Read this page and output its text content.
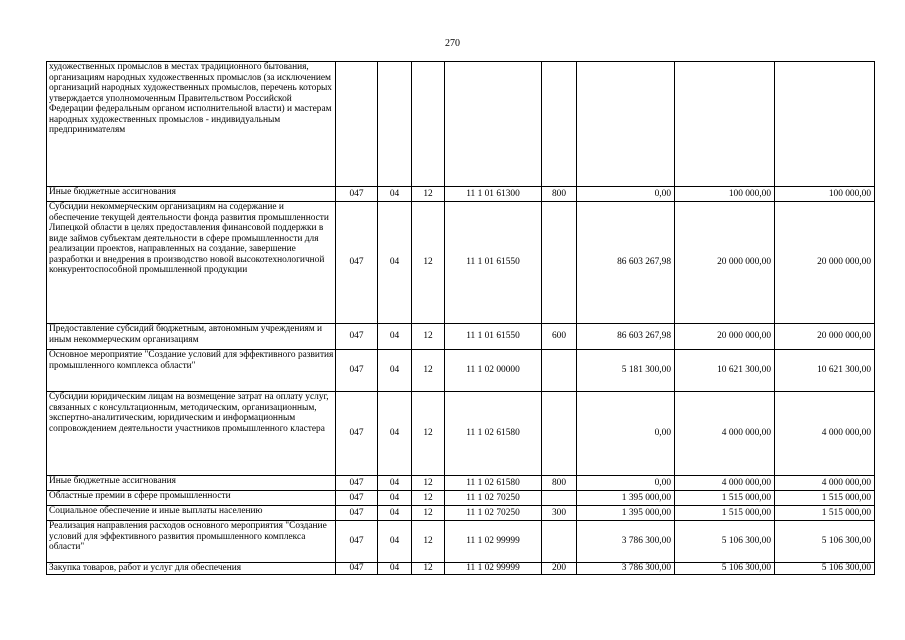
270
художественных промыслов в местах традиционного бытования, организациям народных художественных промыслов (за исключением организаций народных художественных промыслов, перечень которых утверждается уполномоченным Правительством Российской Федерации федеральным органом исполнительной власти) и мастерам народных художественных промыслов - индивидуальным предпринимателям								
Иные бюджетные ассигнования	047	04	12	11 1 01 61300	800	0,00	100 000,00	100 000,00
Субсидии некоммерческим организациям на содержание и обеспечение текущей деятельности фонда развития промышленности Липецкой области в целях предоставления финансовой поддержки в виде займов субъектам деятельности в сфере промышленности для реализации проектов, направленных на создание, завершение разработки и внедрения в производство новой высокотехнологичной конкурентоспособной промышленной продукции	047	04	12	11 1 01 61550		86 603 267,98	20 000 000,00	20 000 000,00
Предоставление субсидий бюджетным, автономным учреждениям и иным некоммерческим организациям	047	04	12	11 1 01 61550	600	86 603 267,98	20 000 000,00	20 000 000,00
Основное мероприятие "Создание условий для эффективного развития промышленного комплекса области"	047	04	12	11 1 02 00000		5 181 300,00	10 621 300,00	10 621 300,00
Субсидии юридическим лицам на возмещение затрат на оплату услуг, связанных с консультационным, методическим, организационным, экспертно-аналитическим, юридическим и информационным сопровождением деятельности участников промышленного кластера	047	04	12	11 1 02 61580		0,00	4 000 000,00	4 000 000,00
Иные бюджетные ассигнования	047	04	12	11 1 02 61580	800	0,00	4 000 000,00	4 000 000,00
Областные премии в сфере промышленности	047	04	12	11 1 02 70250		1 395 000,00	1 515 000,00	1 515 000,00
Социальное обеспечение и иные выплаты населению	047	04	12	11 1 02 70250	300	1 395 000,00	1 515 000,00	1 515 000,00
Реализация направления расходов основного мероприятия "Создание условий для эффективного развития промышленного комплекса области"	047	04	12	11 1 02 99999		3 786 300,00	5 106 300,00	5 106 300,00
Закупка товаров, работ и услуг для обеспечения	047	04	12	11 1 02 99999	200	3 786 300,00	5 106 300,00	5 106 300,00
